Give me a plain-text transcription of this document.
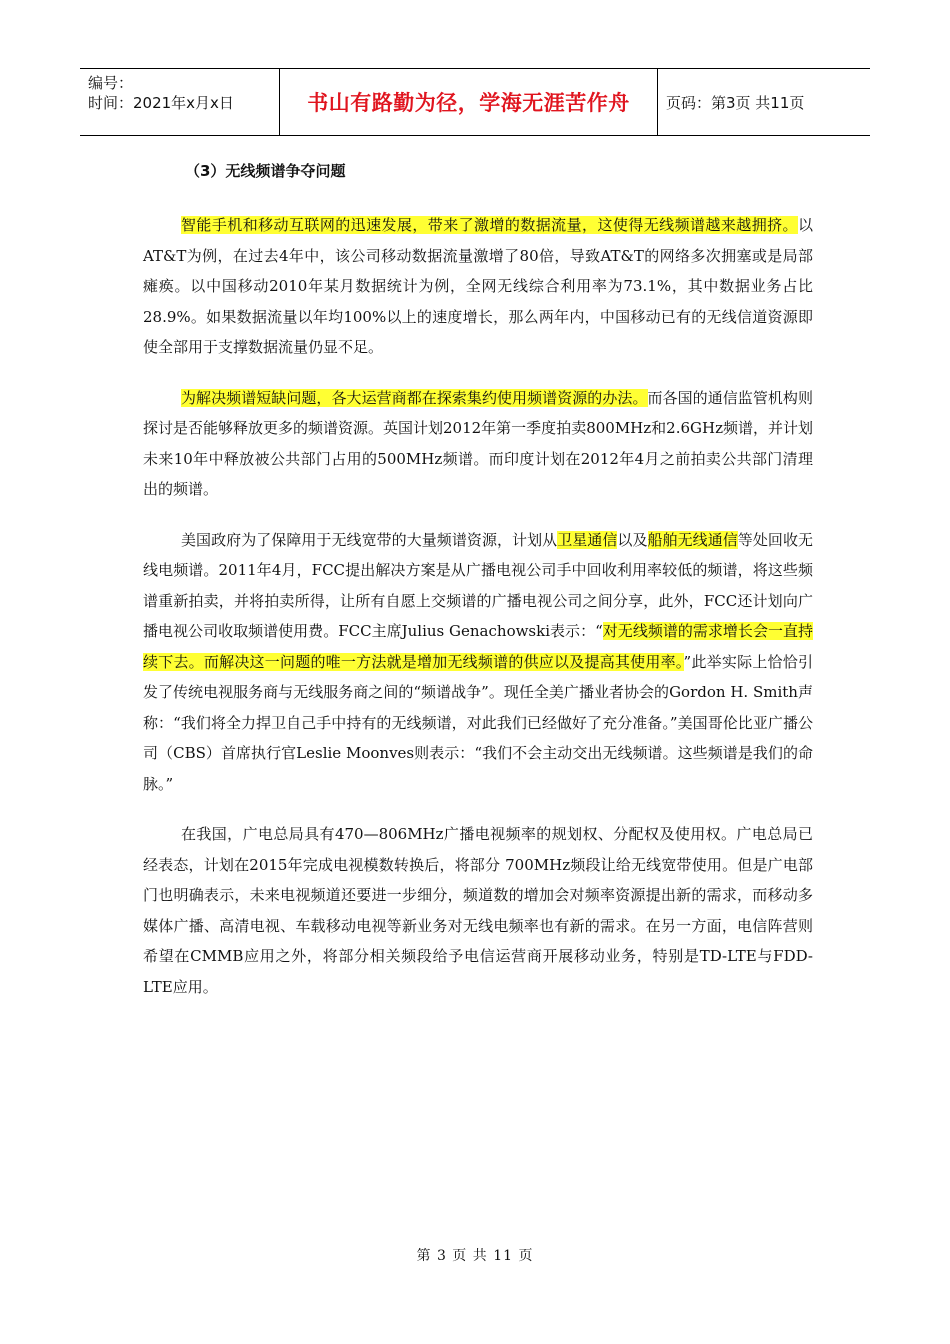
编号：
时间：2021年x月x日	书山有路勤为径，学海无涯苦作舟	页码：第3页 共11页
（3）无线频谱争夺问题

智能手机和移动互联网的迅速发展，带来了激增的数据流量，这使得无线频谱越来越拥挤。以AT&T为例，在过去4年中，该公司移动数据流量激增了80倍，导致AT&T的网络多次拥塞或是局部瘫痪。以中国移动2010年某月数据统计为例，全网无线综合利用率为73.1%，其中数据业务占比28.9%。如果数据流量以年均100%以上的速度增长，那么两年内，中国移动已有的无线信道资源即使全部用于支撑数据流量仍显不足。

为解决频谱短缺问题，各大运营商都在探索集约使用频谱资源的办法。而各国的通信监管机构则探讨是否能够释放更多的频谱资源。英国计划2012年第一季度拍卖800MHz和2.6GHz频谱，并计划未来10年中释放被公共部门占用的500MHz频谱。而印度计划在2012年4月之前拍卖公共部门清理出的频谱。

美国政府为了保障用于无线宽带的大量频谱资源，计划从卫星通信以及船舶无线通信等处回收无线电频谱。2011年4月，FCC提出解决方案是从广播电视公司手中回收利用率较低的频谱，将这些频谱重新拍卖，并将拍卖所得，让所有自愿上交频谱的广播电视公司之间分享，此外，FCC还计划向广播电视公司收取频谱使用费。FCC主席Julius Genachowski表示：“对无线频谱的需求增长会一直持续下去。而解决这一问题的唯一方法就是增加无线频谱的供应以及提高其使用率。”此举实际上恰恰引发了传统电视服务商与无线服务商之间的“频谱战争”。现任全美广播业者协会的Gordon H. Smith声称：“我们将全力捍卫自己手中持有的无线频谱，对此我们已经做好了充分准备。”美国哥伦比亚广播公司（CBS）首席执行官Leslie Moonves则表示：“我们不会主动交出无线频谱。这些频谱是我们的命脉。”

在我国，广电总局具有470—806MHz广播电视频率的规划权、分配权及使用权。广电总局已经表态，计划在2015年完成电视模数转换后，将部分 700MHz频段让给无线宽带使用。但是广电部门也明确表示，未来电视频道还要进一步细分，频道数的增加会对频率资源提出新的需求，而移动多媒体广播、高清电视、车载移动电视等新业务对无线电频率也有新的需求。在另一方面，电信阵营则希望在CMMB应用之外，将部分相关频段给予电信运营商开展移动业务，特别是TD-LTE与FDD-LTE应用。

第 3 页 共 11 页
